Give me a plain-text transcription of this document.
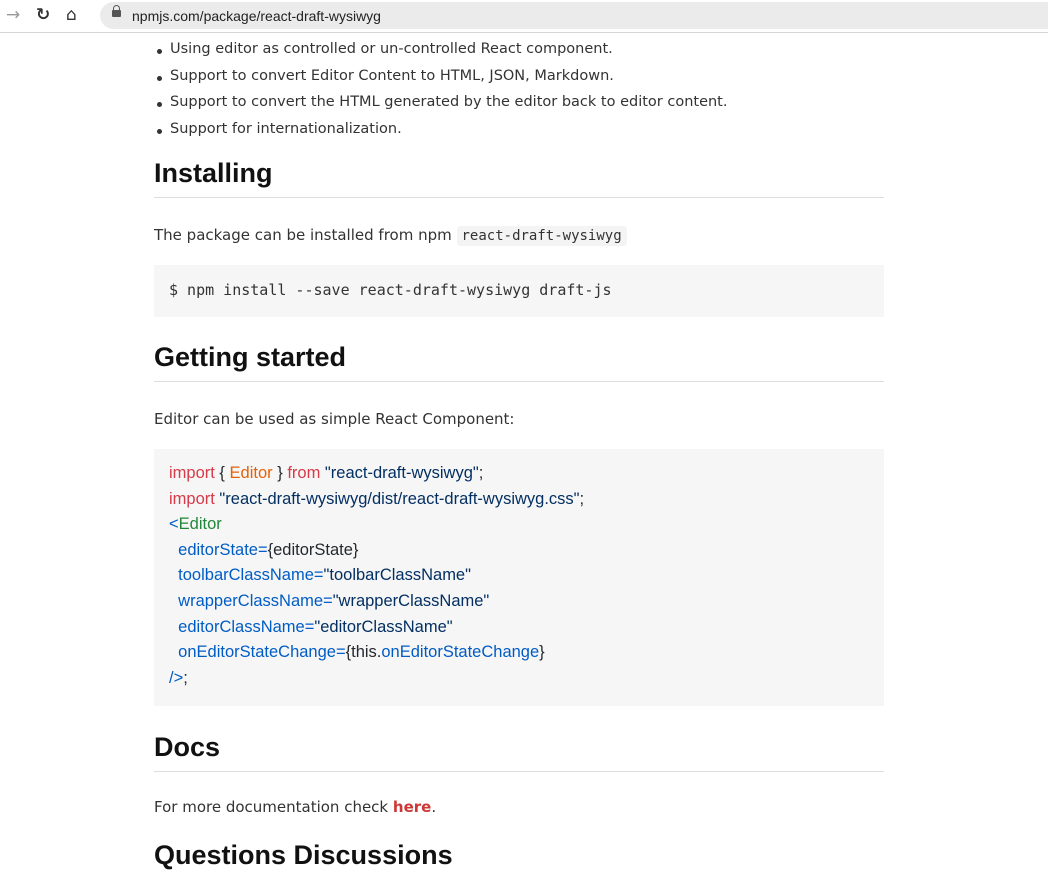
→ ↻ ⌂	npmjs.com/package/react-draft-wysiwyg
Using editor as controlled or un-controlled React component.
Support to convert Editor Content to HTML, JSON, Markdown.
Support to convert the HTML generated by the editor back to editor content.
Support for internationalization.
Installing

The package can be installed from npm react-draft-wysiwyg

$ npm install --save react-draft-wysiwyg draft-js
Getting started

Editor can be used as simple React Component:

import { Editor } from "react-draft-wysiwyg";
import "react-draft-wysiwyg/dist/react-draft-wysiwyg.css";
<Editor
editorState={editorState}
toolbarClassName="toolbarClassName"
wrapperClassName="wrapperClassName"
editorClassName="editorClassName"
onEditorStateChange={this.onEditorStateChange}
/>;
Docs

For more documentation check here.

Questions Discussions
